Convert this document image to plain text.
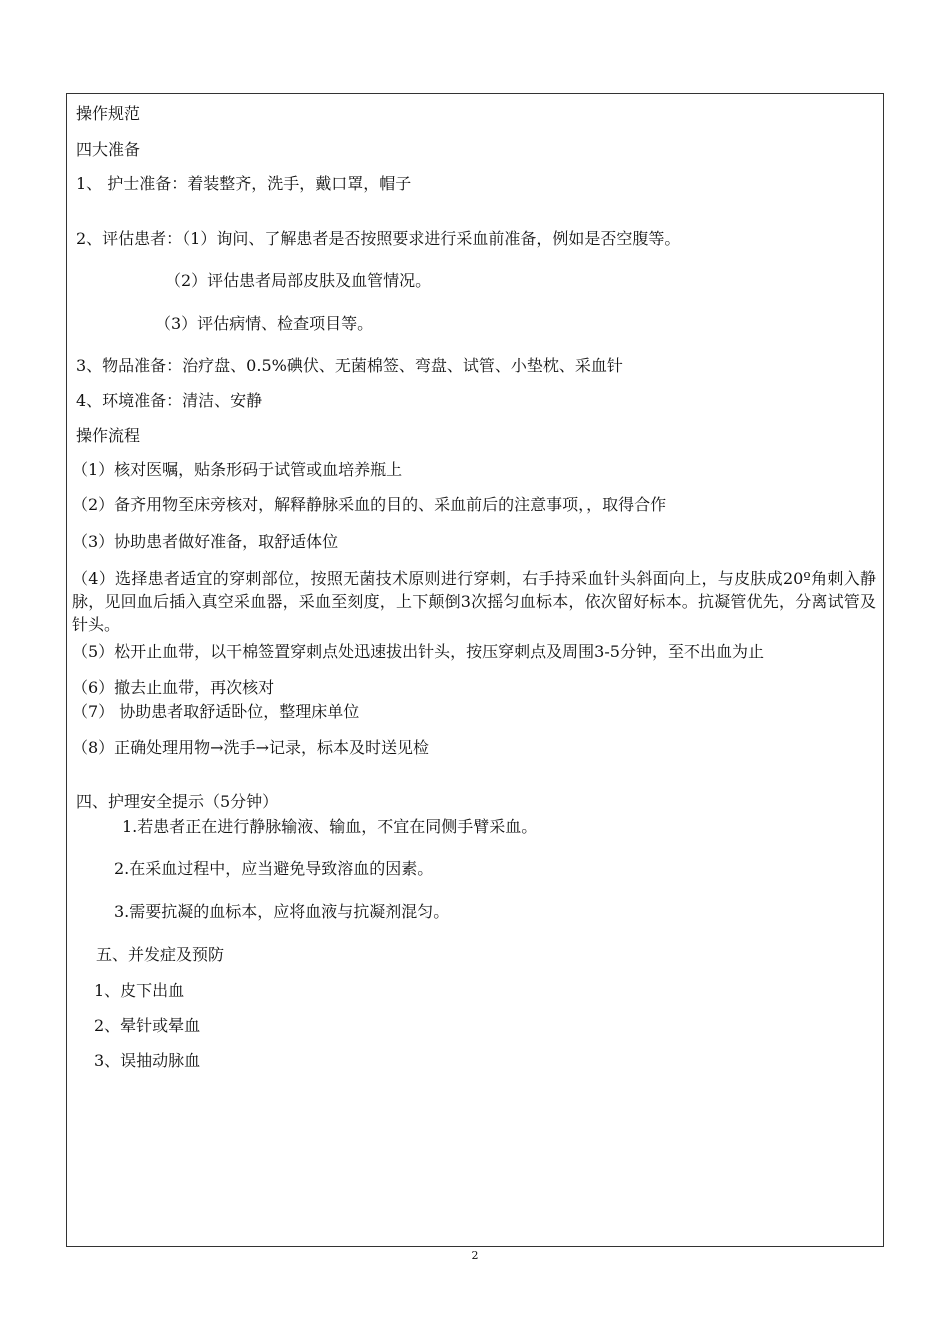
操作规范
四大准备
1、 护士准备：着装整齐，洗手，戴口罩，帽子
2、评估患者：（1）询问、了解患者是否按照要求进行采血前准备，例如是否空腹等。
（2）评估患者局部皮肤及血管情况。
（3）评估病情、检查项目等。
3、物品准备：治疗盘、0.5%碘伏、无菌棉签、弯盘、试管、小垫枕、采血针
4、环境准备：清洁、安静
操作流程
（1）核对医嘱，贴条形码于试管或血培养瓶上
（2）备齐用物至床旁核对，解释静脉采血的目的、采血前后的注意事项，，取得合作
（3）协助患者做好准备，取舒适体位
（4）选择患者适宜的穿刺部位，按照无菌技术原则进行穿刺，右手持采血针头斜面向上，与皮肤成20º角刺入静脉，见回血后插入真空采血器，采血至刻度，上下颠倒3次摇匀血标本，依次留好标本。抗凝管优先，分离试管及针头。
（5）松开止血带，以干棉签置穿刺点处迅速拔出针头，按压穿刺点及周围3-5分钟，至不出血为止
（6）撤去止血带，再次核对
（7） 协助患者取舒适卧位，整理床单位
（8）正确处理用物→洗手→记录，标本及时送见检
四、护理安全提示（5分钟）
1.若患者正在进行静脉输液、输血，不宜在同侧手臂采血。
2.在采血过程中，应当避免导致溶血的因素。
3.需要抗凝的血标本，应将血液与抗凝剂混匀。
五、并发症及预防
1、皮下出血
2、晕针或晕血
3、误抽动脉血
2
